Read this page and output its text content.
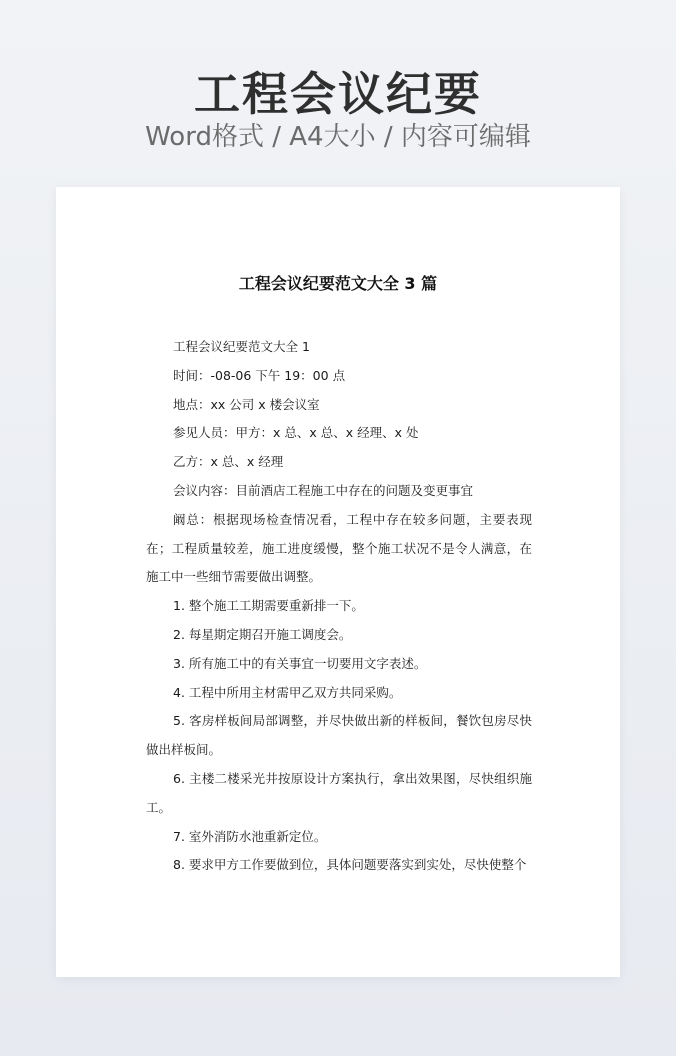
工程会议纪要
Word格式 / A4大小 / 内容可编辑
工程会议纪要范文大全 3 篇

工程会议纪要范文大全 1

时间：-08-06 下午 19：00 点

地点：xx 公司 x 楼会议室

参见人员：甲方：x 总、x 总、x 经理、x 处

乙方：x 总、x 经理

会议内容：目前酒店工程施工中存在的问题及变更事宜

阚总：根据现场检查情况看，工程中存在较多问题，主要表现在；工程质量较差，施工进度缓慢，整个施工状况不是令人满意，在施工中一些细节需要做出调整。

1. 整个施工工期需要重新排一下。

2. 每星期定期召开施工调度会。

3. 所有施工中的有关事宜一切要用文字表述。

4. 工程中所用主材需甲乙双方共同采购。

5. 客房样板间局部调整，并尽快做出新的样板间，餐饮包房尽快做出样板间。

6. 主楼二楼采光井按原设计方案执行，拿出效果图，尽快组织施工。

7. 室外消防水池重新定位。

8. 要求甲方工作要做到位，具体问题要落实到实处，尽快使整个
